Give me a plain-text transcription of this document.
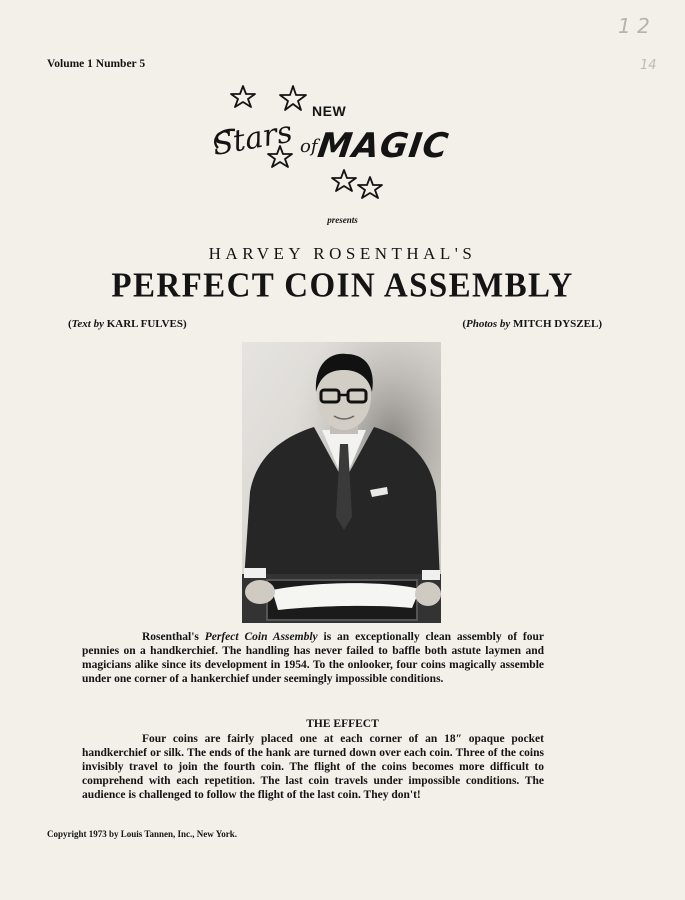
Volume 1 Number 5
1 2
14
NEW
Stars of
MAGIC
presents
HARVEY ROSENTHAL'S
PERFECT COIN ASSEMBLY
(Text by KARL FULVES)	(Photos by MITCH DYSZEL)
Rosenthal's Perfect Coin Assembly is an exceptionally clean assembly of four pennies on a handkerchief. The handling has never failed to baffle both astute laymen and magicians alike since its development in 1954. To the onlooker, four coins magically assemble under one corner of a hankerchief under seemingly impossible conditions.
THE EFFECT
Four coins are fairly placed one at each corner of an 18″ opaque pocket handkerchief or silk. The ends of the hank are turned down over each coin. Three of the coins invisibly travel to join the fourth coin. The flight of the coins becomes more difficult to comprehend with each repetition. The last coin travels under impossible conditions. The audience is challenged to follow the flight of the last coin. They don't!
Copyright 1973 by Louis Tannen, Inc., New York.
